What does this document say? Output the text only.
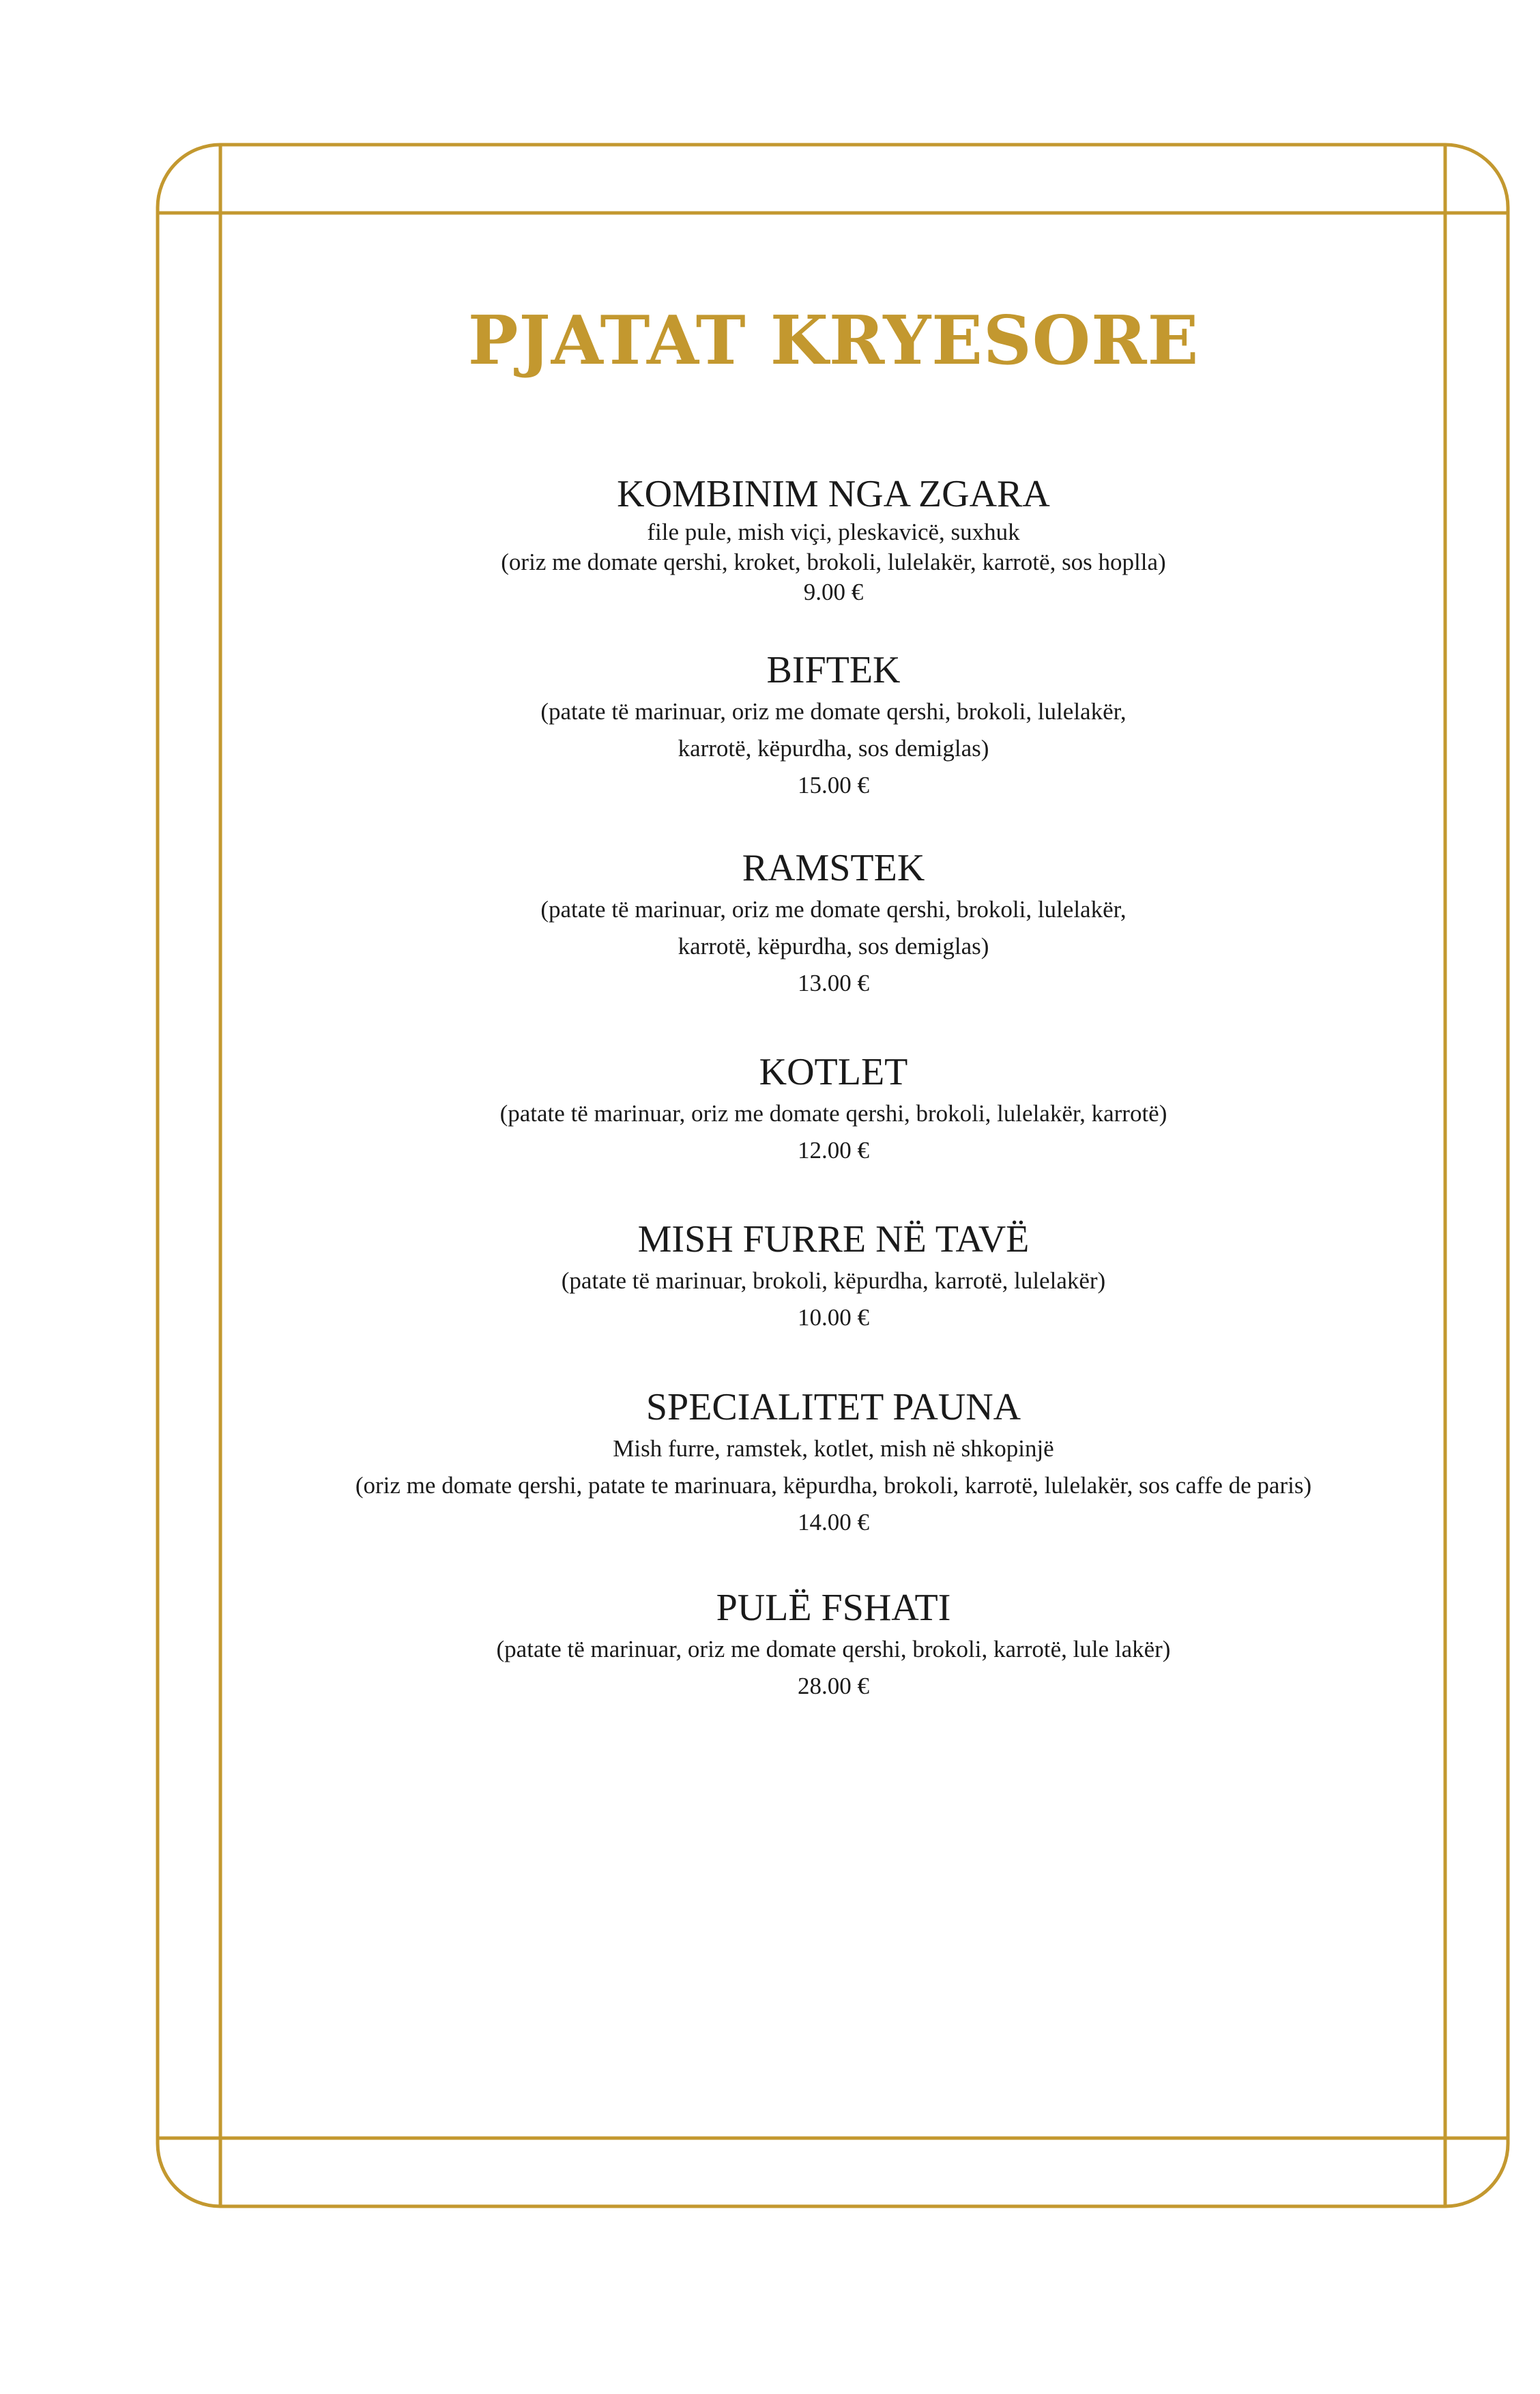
PJATAT KRYESORE
KOMBINIM NGA ZGARA
file pule, mish viçi, pleskavicë, suxhuk
(oriz me domate qershi, kroket, brokoli, lulelakër, karrotë, sos hoplla)
9.00 €
BIFTEK
(patate të marinuar, oriz me domate qershi, brokoli, lulelakër,
karrotë, këpurdha, sos demiglas)
15.00 €
RAMSTEK
(patate të marinuar, oriz me domate qershi, brokoli, lulelakër,
karrotë, këpurdha, sos demiglas)
13.00 €
KOTLET
(patate të marinuar, oriz me domate qershi, brokoli, lulelakër, karrotë)
12.00 €
MISH FURRE NË TAVË
(patate të marinuar, brokoli, këpurdha, karrotë, lulelakër)
10.00 €
SPECIALITET PAUNA
Mish furre, ramstek, kotlet, mish në shkopinjë
(oriz me domate qershi, patate te marinuara, këpurdha, brokoli, karrotë, lulelakër, sos caffe de paris)
14.00 €
PULË FSHATI
(patate të marinuar, oriz me domate qershi, brokoli, karrotë, lule lakër)
28.00 €
